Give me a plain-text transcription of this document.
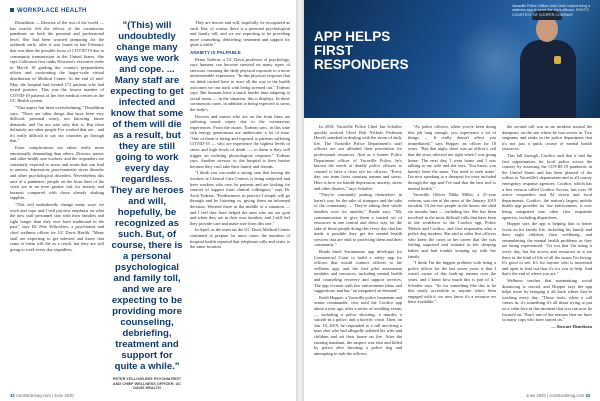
WORKPLACE HEALTH

Donaldson — likewise of the rest of the world — has exactly felt the effects of the coronavirus pandemic on both the personal and professional level. She had been worried preparing for the outbreak early, after it was found in late February that was then the possible focus of COVID-19 due to community transmission in the United States. She says California first ranks Newsom's executive order in March 16 guiding the county's preparedness efforts and confronting the larger-scale virtual distribution of Medical Center. At the end of mid-May, the hospital had treated 172 patients who had tested positive. This was the lowest number of COVID-19 patients of the five medical centers in the UC Health system.

"That aspect has been overwhelming," Donaldson says. "There are other things that have been very difficult: personal worry, not knowing future demands, and I'm not sure why that is. But there definitely are other people I've worked that are... and it's really difficult to say our countries go through that."

Extra complications are taken really more emotionally demanding than others. Doctors, nurses and other health care workers, and the responders are constantly exposed to stress and strain that can lead to anxiety, depression, post-traumatic stress disorder and other psychological disorders. Nevertheless this area of a pandemic, people on the front lines of the crisis are at an even greater risk for anxiety and burnout compared with those already shaking supplies.

"This will undoubtedly change many ways we work and cope and I will put new emphasis on what the new staff personnel stay with their families and fight longer than they ever have traditional in the past," says Dr. Pete Yellowlees, a psychiatrist and chief wellness officer for UC Davis Health. "Many staff are expecting to get infected and know that some of them will die as a result, but they are still going to work every day regardless.

"(This) will undoubtedly change many ways we work and cope. ... Many staff are expecting to get infected and know that some of them will die as a result, but they are still going to work every day regardless. They are heroes and will, hopefully, be recognized as such. But, of course, there is a personal psychological and family toll, and we are expecting to be providing more counseling, debriefing, treatment and support for quite a while."
PETER YELLOWLEES PSYCHIATRIST AND CHIEF WELLNESS OFFICER, UC DAVIS HEALTH

They are heroes and will, hopefully, be recognized as such. But, of course, there is a personal psychological and family toll, and we are expecting to be providing more counseling, debriefing, treatment and support for quite a while."

ANXIETY IS PALPABLE

Reina Toderas, a UC Davis professor of psychology, says humans can become stressed on many types of stressors, meaning the daily physical exposure to a more unforeseeable experience. "In this physical response that we think carried have to react all the way to the health outcomes we can track with being stressed out," Toderas says. But humans have a much harder time adapting to social stress — in the situation, this it displays. In these coronavirus cases, in addition to being expected to stress the body's.

Doctors and nurses who are on the front lines are suffering moral injury due to the coronavirus experiences. From the outset, Toderas says, in this time sick energy generations are underwater a lot of time. "One of them is hiring and exposed to patients suffering COVID-19 — who are experience the highest levels of stress and high levels of death —; to them is they will trigger an isolating physiological response," Toderas says. Another stressor is: the hospital is their barrier because they can't take their family and friends.

"I think you can make a strong case that having the workers at Clinical Care Centres is being subjected and have workers who care for patients and are looking for sources of support from clinical colleagues," says Dr. Zach Toderas. "Furthermore, in practice I simply will go through and be listening in, giving them an informed decision. Worried there in the middle of a situation — and I feel they have helped the ones who are our goal and when they are in their own families, and I still feel they provide care and make sure from this one."

In April, as the team sat the UC Davis Medical Center continued to prepare for more cases, the numbers of hospital health reported that telephone calls and visits to the same location.

32 comstockmag.com | June 2020
APP HELPS
FIRST
RESPONDERS
Vacaville Police Officer Julia Clark helped bring a wellness app to serve the city's officers. PHOTO COURTESY OF COOPER COMPANY

In 2018, Vacaville Police Chief Ian Schaffer quickly noticed Chief Bob Nichols Pedersen Hood's standard in dealing with the stress of daily life. The Vacaville Police Department's staff officers are not afforded their prevention for professional resources. And as a former Police Department officer of Vacaville Police, he's known the needs of deadly police officers to counsel to have a close eye for officers. "Every day, our team faces constant trauma and stress. Here is how we handle depression, anxiety, stress and other distress," says Schaffer.

"They're constantly putting themselves in harm's way for the sake of strangers and the sake of the community. ... They're taking their whole families over for another," Reads says. "My communication to give them a trusted set of resources in one central and direct way for the sake of those people doing this every day that has made it possible they get the mental health services that are vital to protecting them and their community."

Reads hired Sacramento app developer for Commercial Coast to build a safety app for officers that would connect officers to the wellness app, and the first pilot assessment modules and resources, including mental health and counseling recovery and support services. The app focuses with law enforcement ideas and suggestions, and has "an integrated on demand."

Keith Hopper, a Vacaville police lieutenant and senior commander, first used the Cordico app about a year ago, after a series of troubling events — including a police shooting, a murder, a suicide in a police, and a horrific crash. Then, on Jan. 10, 2019, he responded to a call involving a man shot who had allegedly stabbed his wife and children and set their house on fire. After the ensuing manhunt, the suspect was shot and killed by police after shooting a police dog and attempting to stab the officers.

"As police officers, when you've been doing this job long enough, you experience a lot of things. ... It really doesn't affect you immediately," says Hopper, an officer for 18 years. "But that night, there was an officer's call that the story affected me right when I was going home. The next day, I went home and I was talking to my wife and she says, 'You know, you haven't been the same. You need to seek some.' I'm now speaking to a therapist for once included through the app and I've said that the best tool is mental health."

Vacaville Officer Nikki Miller, a 21-year veteran, was one of the users of the January 2019 incident. Of the two people in the house, she died six months later — including her. She has been involved in the most difficult calls that have been in the workforce to the Cordico app, Police Mobile and Cordico, and first responders after a police dog incident. She said to other first officers who knew the cases in her career that she was feeling surprised and irritated in her sleeping habits and had trouble keeping up with her family.

"I think I'm the biggest problem with being a police officer for the last seven years is that I wasn't aware of this built-up trauma over the years, and I know how much this is part of it," Schaffer says. "So for something like this to be this easily accessible to anyone who's been engaged with it, we now know it's a resource we have available."

the second call was as an incident around the dumpster, on the site where he was sworn in. Two sergeants and ranks in the police department that it's not just a quick course of mental health resources.

This fall through, Cordico said that it had the first opportunities for local police across the country by assessing the COVID-19 pandemic in the United States and has been pleased of the rollout to Vacaville's departments and to all county emergency response agencies. Cordico, which has a free version called Cordico Access, has over 30 active responders and 94 sworn and local departments. Cordico, the nation's largest mobile health app provider for law enforcement, is now being integrated into other first responder agencies, including dispatchers.

Hopper says the app is helping him to better focus on his family life, including his family and their eight children, their wellbeing, and remembering the mental health problems as they are being experienced. "It's not that I'm using it every day, but the access and resources in it are there in the kind of life of all the issues I'm facing. It's good to see. It's for anyone who is interested and open to find out that it's for you to help. And that's the end of where you are."

Wellness teaches that maintaining social distancing is crucial, and Hopper says the app helps more by bringing it all back where they're working every day. "Those tools, when a call comes in, it's something it's all about trying to put on a calm face in this moment that you can now be focused on. That's one of the reasons that we have so many cops who have stayed on."

— Stewart Henriksen

June 2020 | comstockmag.com 33
